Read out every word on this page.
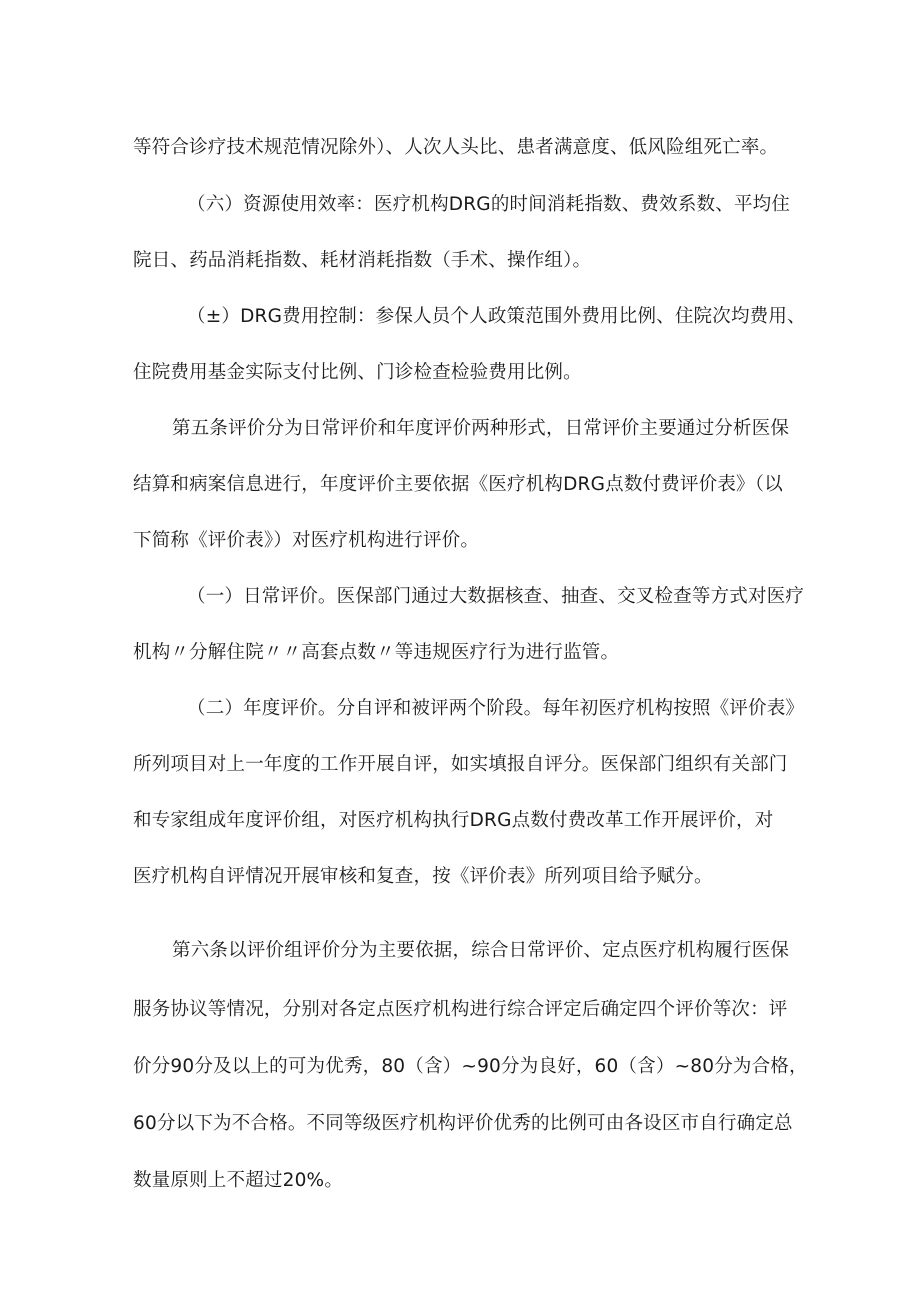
等符合诊疗技术规范情况除外）、人次人头比、患者满意度、低风险组死亡率。
（六）资源使用效率：医疗机构DRG的时间消耗指数、费效系数、平均住
院日、药品消耗指数、耗材消耗指数（手术、操作组）。
（±）DRG费用控制：参保人员个人政策范围外费用比例、住院次均费用、
住院费用基金实际支付比例、门诊检查检验费用比例。
第五条评价分为日常评价和年度评价两种形式，日常评价主要通过分析医保
结算和病案信息进行，年度评价主要依据《医疗机构DRG点数付费评价表》（以
下简称《评价表》）对医疗机构进行评价。
（一）日常评价。医保部门通过大数据核查、抽查、交叉检查等方式对医疗
机构〃分解住院〃〃高套点数〃等违规医疗行为进行监管。
（二）年度评价。分自评和被评两个阶段。每年初医疗机构按照《评价表》
所列项目对上一年度的工作开展自评，如实填报自评分。医保部门组织有关部门
和专家组成年度评价组，对医疗机构执行DRG点数付费改革工作开展评价，对
医疗机构自评情况开展审核和复查，按《评价表》所列项目给予赋分。
第六条以评价组评价分为主要依据，综合日常评价、定点医疗机构履行医保
服务协议等情况，分别对各定点医疗机构进行综合评定后确定四个评价等次：评
价分90分及以上的可为优秀，80（含）~90分为良好，60（含）~80分为合格，
60分以下为不合格。不同等级医疗机构评价优秀的比例可由各设区市自行确定总
数量原则上不超过20%。
